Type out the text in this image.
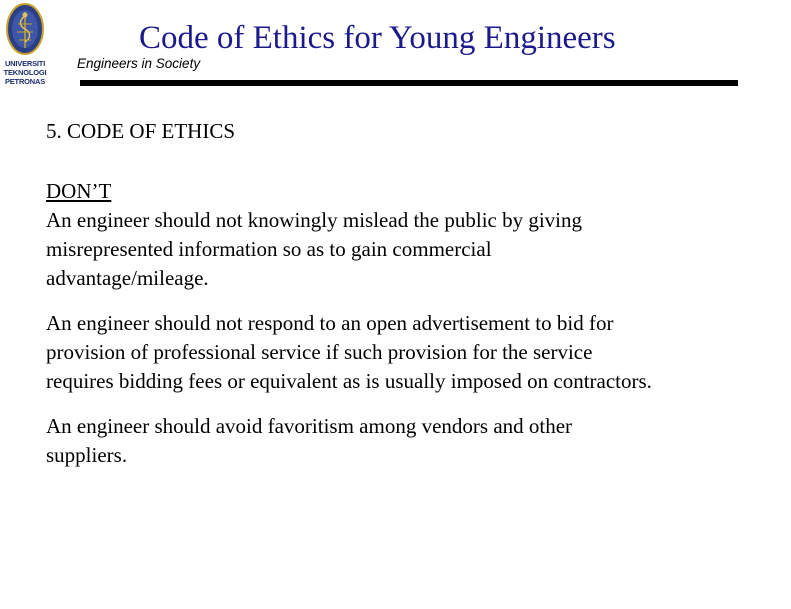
UNIVERSITI
TEKNOLOGI
PETRONAS
Code of Ethics for Young Engineers
Engineers in Society
5. CODE OF ETHICS
DON’T

An engineer should not knowingly mislead the public by giving

misrepresented information so as to gain commercial

advantage/mileage.

An engineer should not respond to an open advertisement to bid for

provision of professional service if such provision for the service

requires bidding fees or equivalent as is usually imposed on contractors.

An engineer should avoid favoritism among vendors and other

suppliers.
